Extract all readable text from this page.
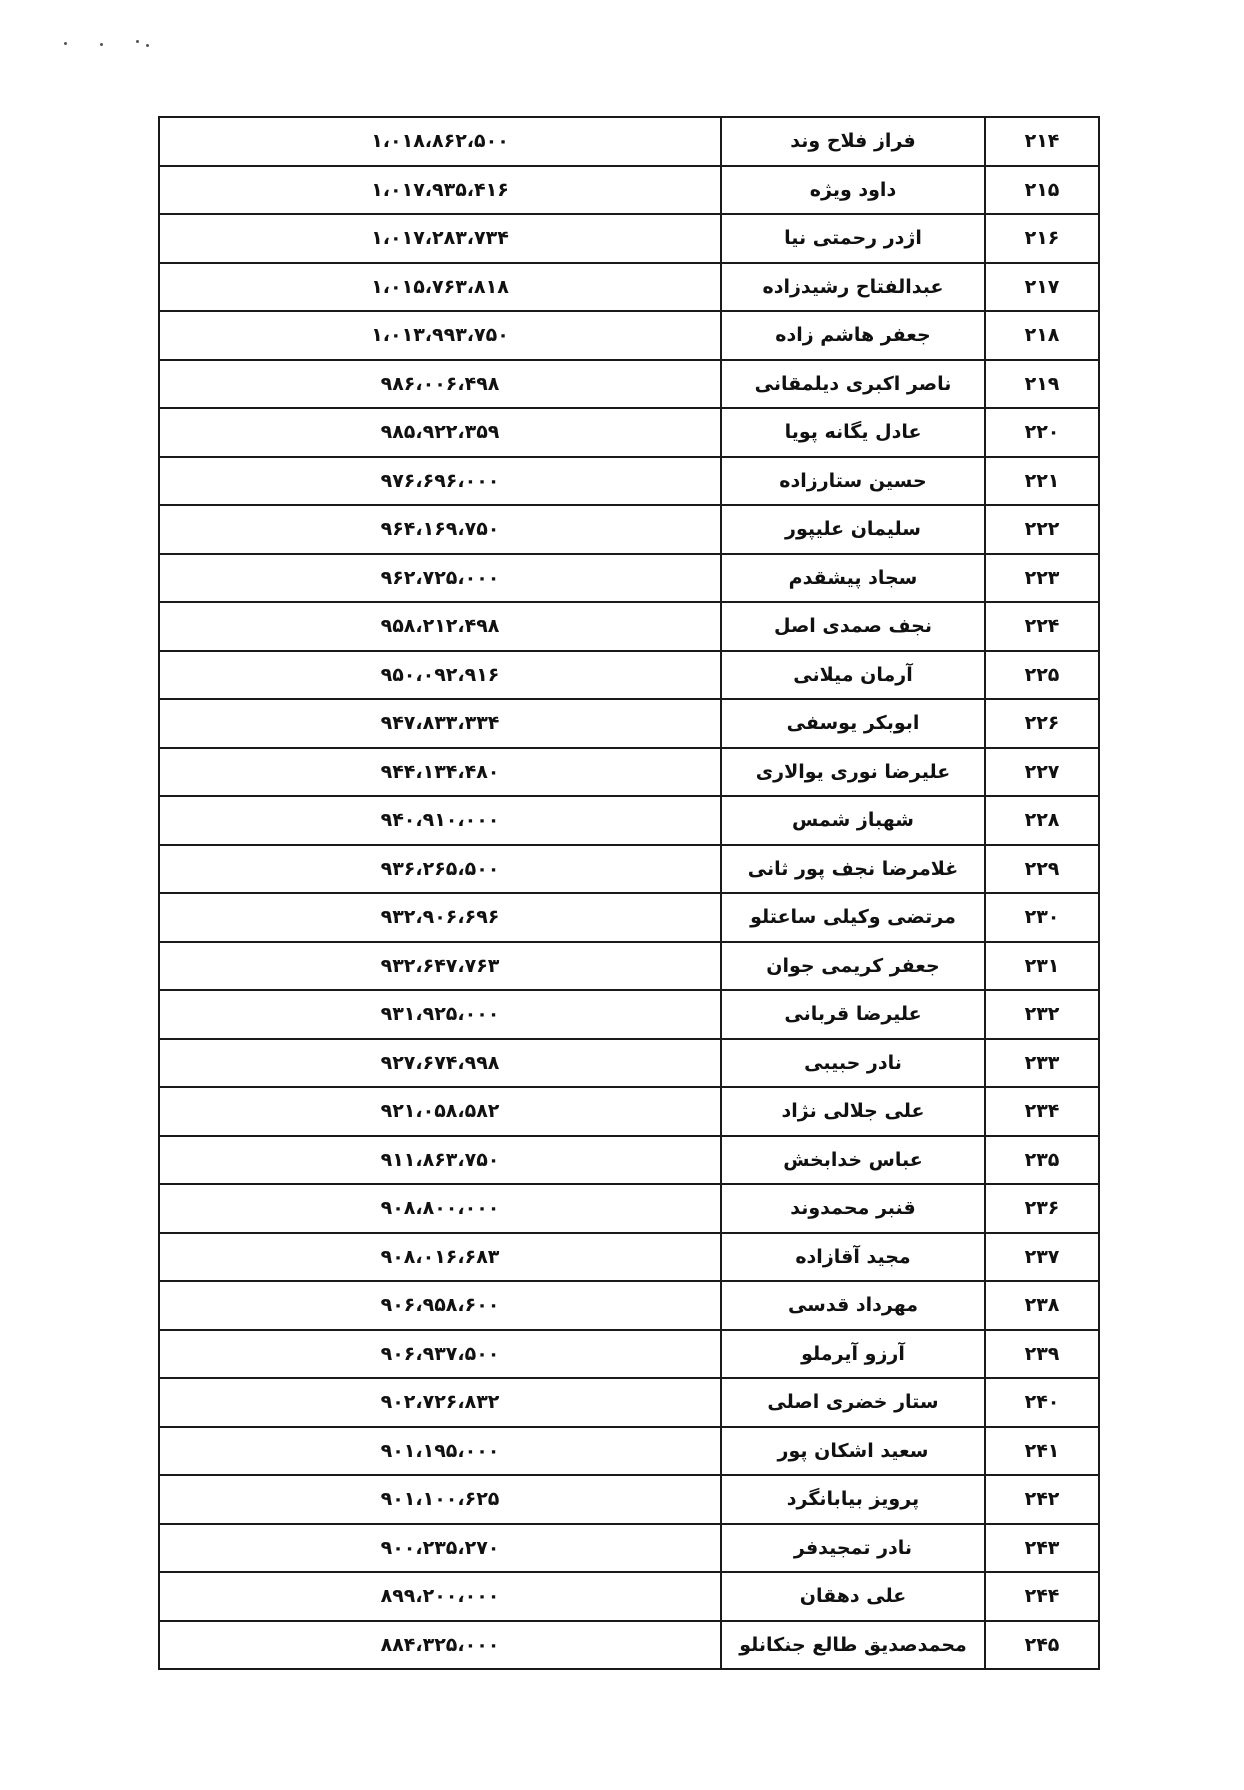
۲۱۴	فراز فلاح وند	۱،۰۱۸،۸۶۲،۵۰۰
۲۱۵	داود ویژه	۱،۰۱۷،۹۳۵،۴۱۶
۲۱۶	اژدر رحمتی نیا	۱،۰۱۷،۲۸۳،۷۳۴
۲۱۷	عبدالفتاح رشیدزاده	۱،۰۱۵،۷۶۳،۸۱۸
۲۱۸	جعفر هاشم زاده	۱،۰۱۳،۹۹۳،۷۵۰
۲۱۹	ناصر اکبری دیلمقانی	۹۸۶،۰۰۶،۴۹۸
۲۲۰	عادل یگانه پویا	۹۸۵،۹۲۲،۳۵۹
۲۲۱	حسین ستارزاده	۹۷۶،۶۹۶،۰۰۰
۲۲۲	سلیمان علیپور	۹۶۴،۱۶۹،۷۵۰
۲۲۳	سجاد پیشقدم	۹۶۲،۷۲۵،۰۰۰
۲۲۴	نجف صمدی اصل	۹۵۸،۲۱۲،۴۹۸
۲۲۵	آرمان میلانی	۹۵۰،۰۹۲،۹۱۶
۲۲۶	ابوبکر یوسفی	۹۴۷،۸۳۳،۳۳۴
۲۲۷	علیرضا نوری یوالاری	۹۴۴،۱۳۴،۴۸۰
۲۲۸	شهباز شمس	۹۴۰،۹۱۰،۰۰۰
۲۲۹	غلامرضا نجف پور ثانی	۹۳۶،۲۶۵،۵۰۰
۲۳۰	مرتضی وکیلی ساعتلو	۹۳۲،۹۰۶،۶۹۶
۲۳۱	جعفر کریمی جوان	۹۳۲،۶۴۷،۷۶۳
۲۳۲	علیرضا قربانی	۹۳۱،۹۲۵،۰۰۰
۲۳۳	نادر حبیبی	۹۲۷،۶۷۴،۹۹۸
۲۳۴	علی جلالی نژاد	۹۲۱،۰۵۸،۵۸۲
۲۳۵	عباس خدابخش	۹۱۱،۸۶۳،۷۵۰
۲۳۶	قنبر محمدوند	۹۰۸،۸۰۰،۰۰۰
۲۳۷	مجید آقازاده	۹۰۸،۰۱۶،۶۸۳
۲۳۸	مهرداد قدسی	۹۰۶،۹۵۸،۶۰۰
۲۳۹	آرزو آیرملو	۹۰۶،۹۳۷،۵۰۰
۲۴۰	ستار خضری اصلی	۹۰۲،۷۲۶،۸۳۲
۲۴۱	سعید اشکان پور	۹۰۱،۱۹۵،۰۰۰
۲۴۲	پرویز بیابانگرد	۹۰۱،۱۰۰،۶۲۵
۲۴۳	نادر تمجیدفر	۹۰۰،۲۳۵،۲۷۰
۲۴۴	علی دهقان	۸۹۹،۲۰۰،۰۰۰
۲۴۵	محمدصدیق طالع جنکانلو	۸۸۴،۳۲۵،۰۰۰
